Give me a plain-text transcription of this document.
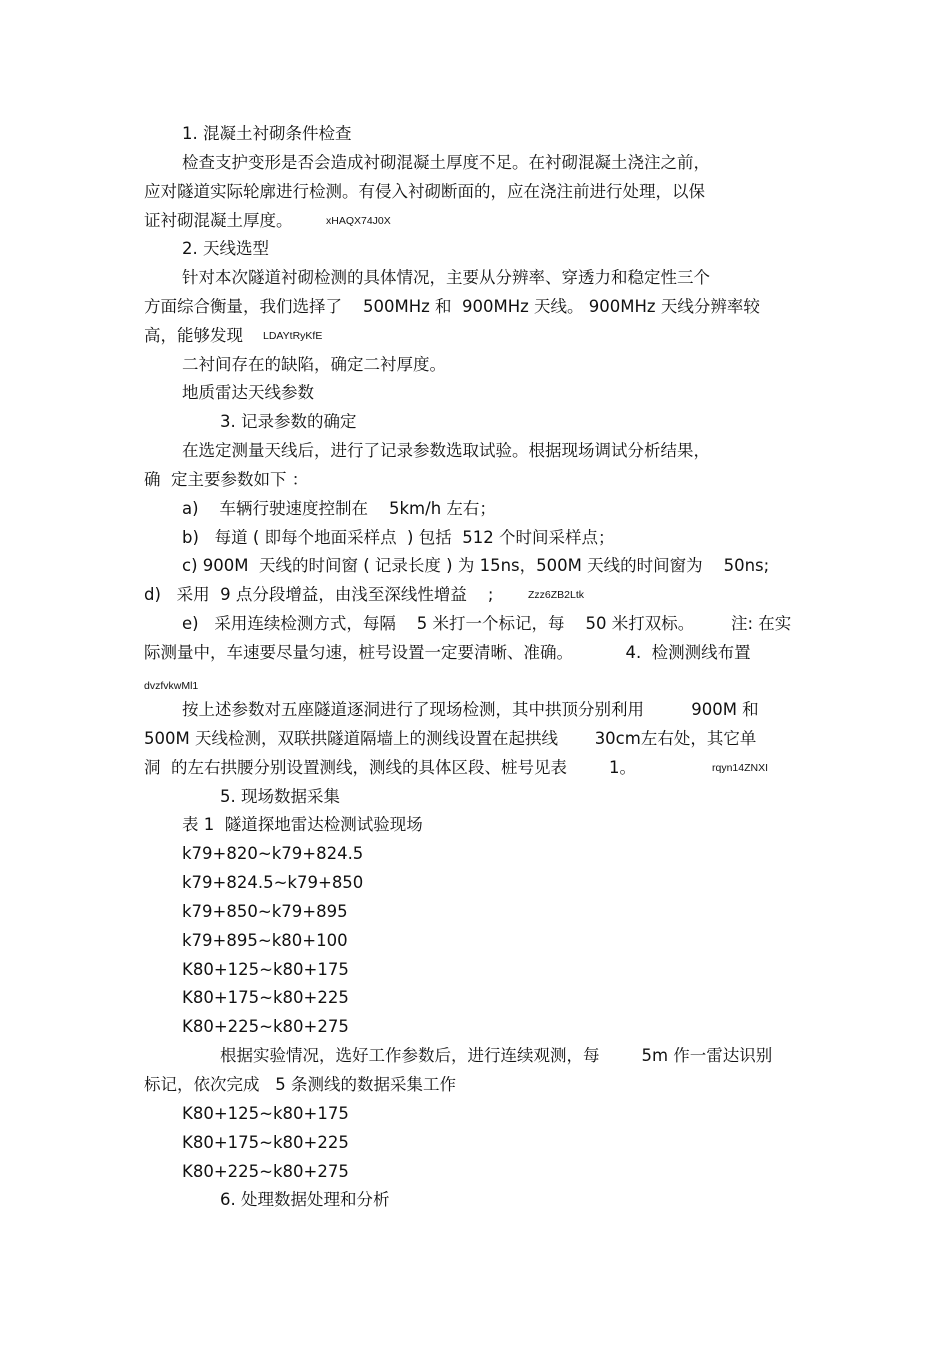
1. 混凝土衬砌条件检查
检查支护变形是否会造成衬砌混凝土厚度不足。在衬砌混凝土浇注之前，
应对隧道实际轮廓进行检测。有侵入衬砌断面的，应在浇注前进行处理，以保
证衬砌混凝土厚度。	xHAQX74J0X
2. 天线选型
针对本次隧道衬砌检测的具体情况，主要从分辨率、穿透力和稳定性三个
方面综合衡量，我们选择了    500MHz 和  900MHz 天线。 900MHz 天线分辨率较
高，能够发现 LDAYtRyKfE
二衬间存在的缺陷，确定二衬厚度。
地质雷达天线参数
3. 记录参数的确定
在选定测量天线后，进行了记录参数选取试验。根据现场调试分析结果，
确  定主要参数如下 ：
a)    车辆行驶速度控制在    5km/h 左右；
b)   每道 ( 即每个地面采样点  ) 包括  512 个时间采样点；
c) 900M  天线的时间窗 ( 记录长度 ) 为 15ns，500M 天线的时间窗为    50ns;
d)   采用  9 点分段增益，由浅至深线性增益    ;	Zzz6ZB2Ltk
e)   采用连续检测方式，每隔    5 米打一个标记，每    50 米打双标。       注: 在实
际测量中，车速要尽量匀速，桩号设置一定要清晰、准确。          4.  检测测线布置
dvzfvkwMl1
按上述参数对五座隧道逐洞进行了现场检测，其中拱顶分别利用         900M 和
500M 天线检测，双联拱隧道隔墙上的测线设置在起拱线       30cm左右处，其它单
洞  的左右拱腰分别设置测线，测线的具体区段、桩号见表        1。	rqyn14ZNXI
5. 现场数据采集
表 1  隧道探地雷达检测试验现场
k79+820~k79+824.5
k79+824.5~k79+850
k79+850~k79+895
k79+895~k80+100
K80+125~k80+175
K80+175~k80+225
K80+225~k80+275
根据实验情况，选好工作参数后，进行连续观测，每        5m 作一雷达识别
标记，依次完成   5 条测线的数据采集工作
K80+125~k80+175
K80+175~k80+225
K80+225~k80+275
6. 处理数据处理和分析
